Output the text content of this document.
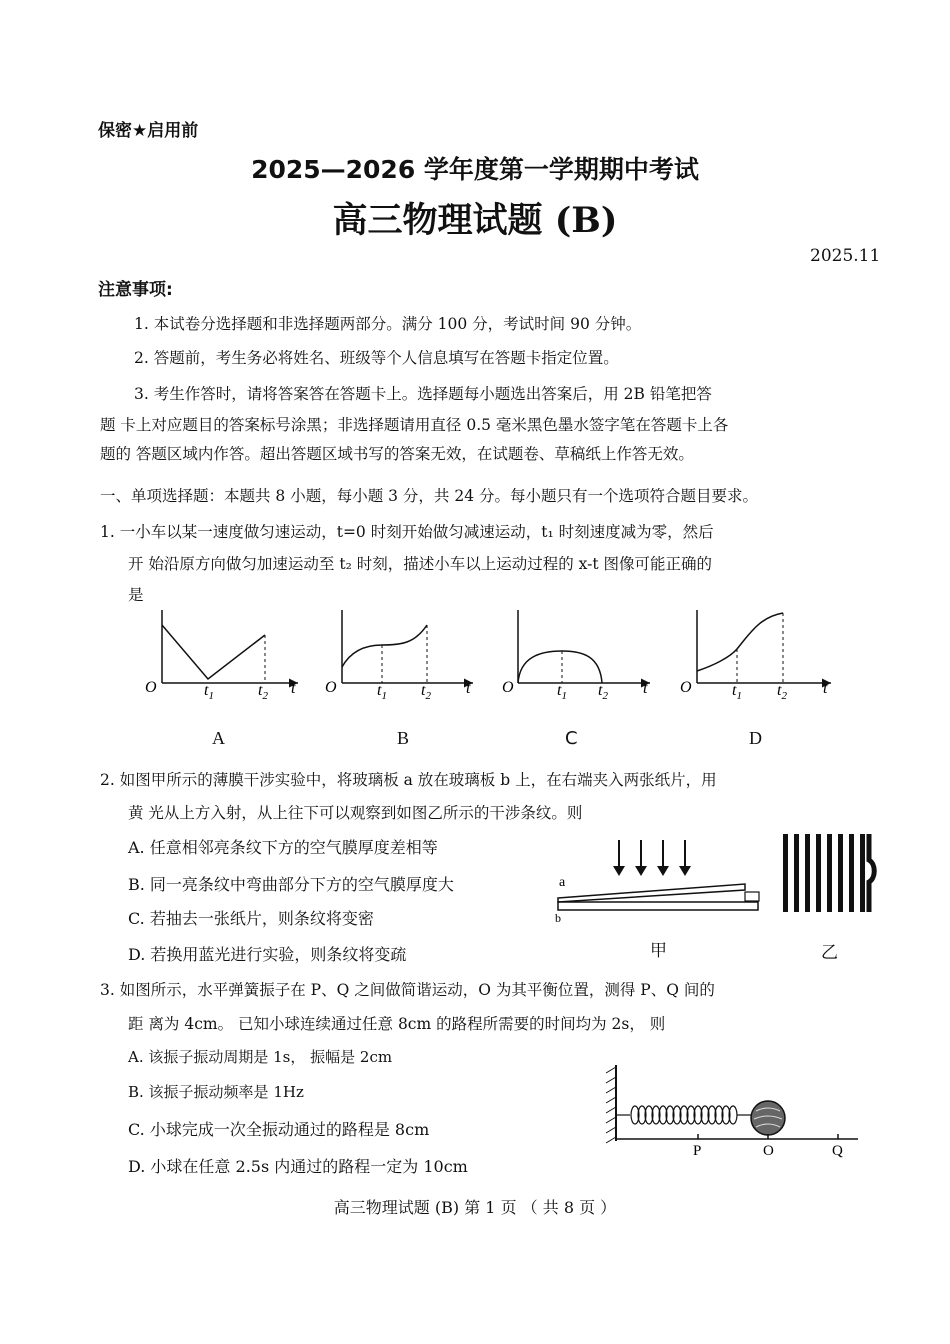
保密★启用前
2025—2026 学年度第一学期期中考试
高三物理试题 (B)
2025.11
注意事项:
1. 本试卷分选择题和非选择题两部分。满分 100 分，考试时间 90 分钟。
2. 答题前，考生务必将姓名、班级等个人信息填写在答题卡指定位置。
3. 考生作答时，请将答案答在答题卡上。选择题每小题选出答案后，用 2B 铅笔把答
题 卡上对应题目的答案标号涂黑；非选择题请用直径 0.5 毫米黑色墨水签字笔在答题卡上各
题的 答题区域内作答。超出答题区域书写的答案无效，在试题卷、草稿纸上作答无效。
一、单项选择题：本题共 8 小题，每小题 3 分，共 24 分。每小题只有一个选项符合题目要求。
1. 一小车以某一速度做匀速运动，t=0 时刻开始做匀减速运动，t₁ 时刻速度减为零，然后
开 始沿原方向做匀加速运动至 t₂ 时刻，描述小车以上运动过程的 x-t 图像可能正确的
是
O	$t_1$	$t_2$ t O	$t_1$ $t_2$ t O	$t_1$ $t_2$ t O	$t_1$ $t_2$ t
A	B	C	D
2. 如图甲所示的薄膜干涉实验中，将玻璃板 a 放在玻璃板 b 上，在右端夹入两张纸片，用
黄 光从上方入射，从上往下可以观察到如图乙所示的干涉条纹。则
A. 任意相邻亮条纹下方的空气膜厚度差相等
B. 同一亮条纹中弯曲部分下方的空气膜厚度大
C. 若抽去一张纸片，则条纹将变密
D. 若换用蓝光进行实验，则条纹将变疏
a
b
甲	乙
3. 如图所示，水平弹簧振子在 P、Q 之间做简谐运动，O 为其平衡位置，测得 P、Q 间的
距 离为 4cm。 已知小球连续通过任意 8cm 的路程所需要的时间均为 2s， 则
A. 该振子振动周期是 1s， 振幅是 2cm
B. 该振子振动频率是 1Hz
C. 小球完成一次全振动通过的路程是 8cm
D. 小球在任意 2.5s 内通过的路程一定为 10cm
P	O	Q
高三物理试题 (B) 第 1 页 （ 共 8 页 ）
